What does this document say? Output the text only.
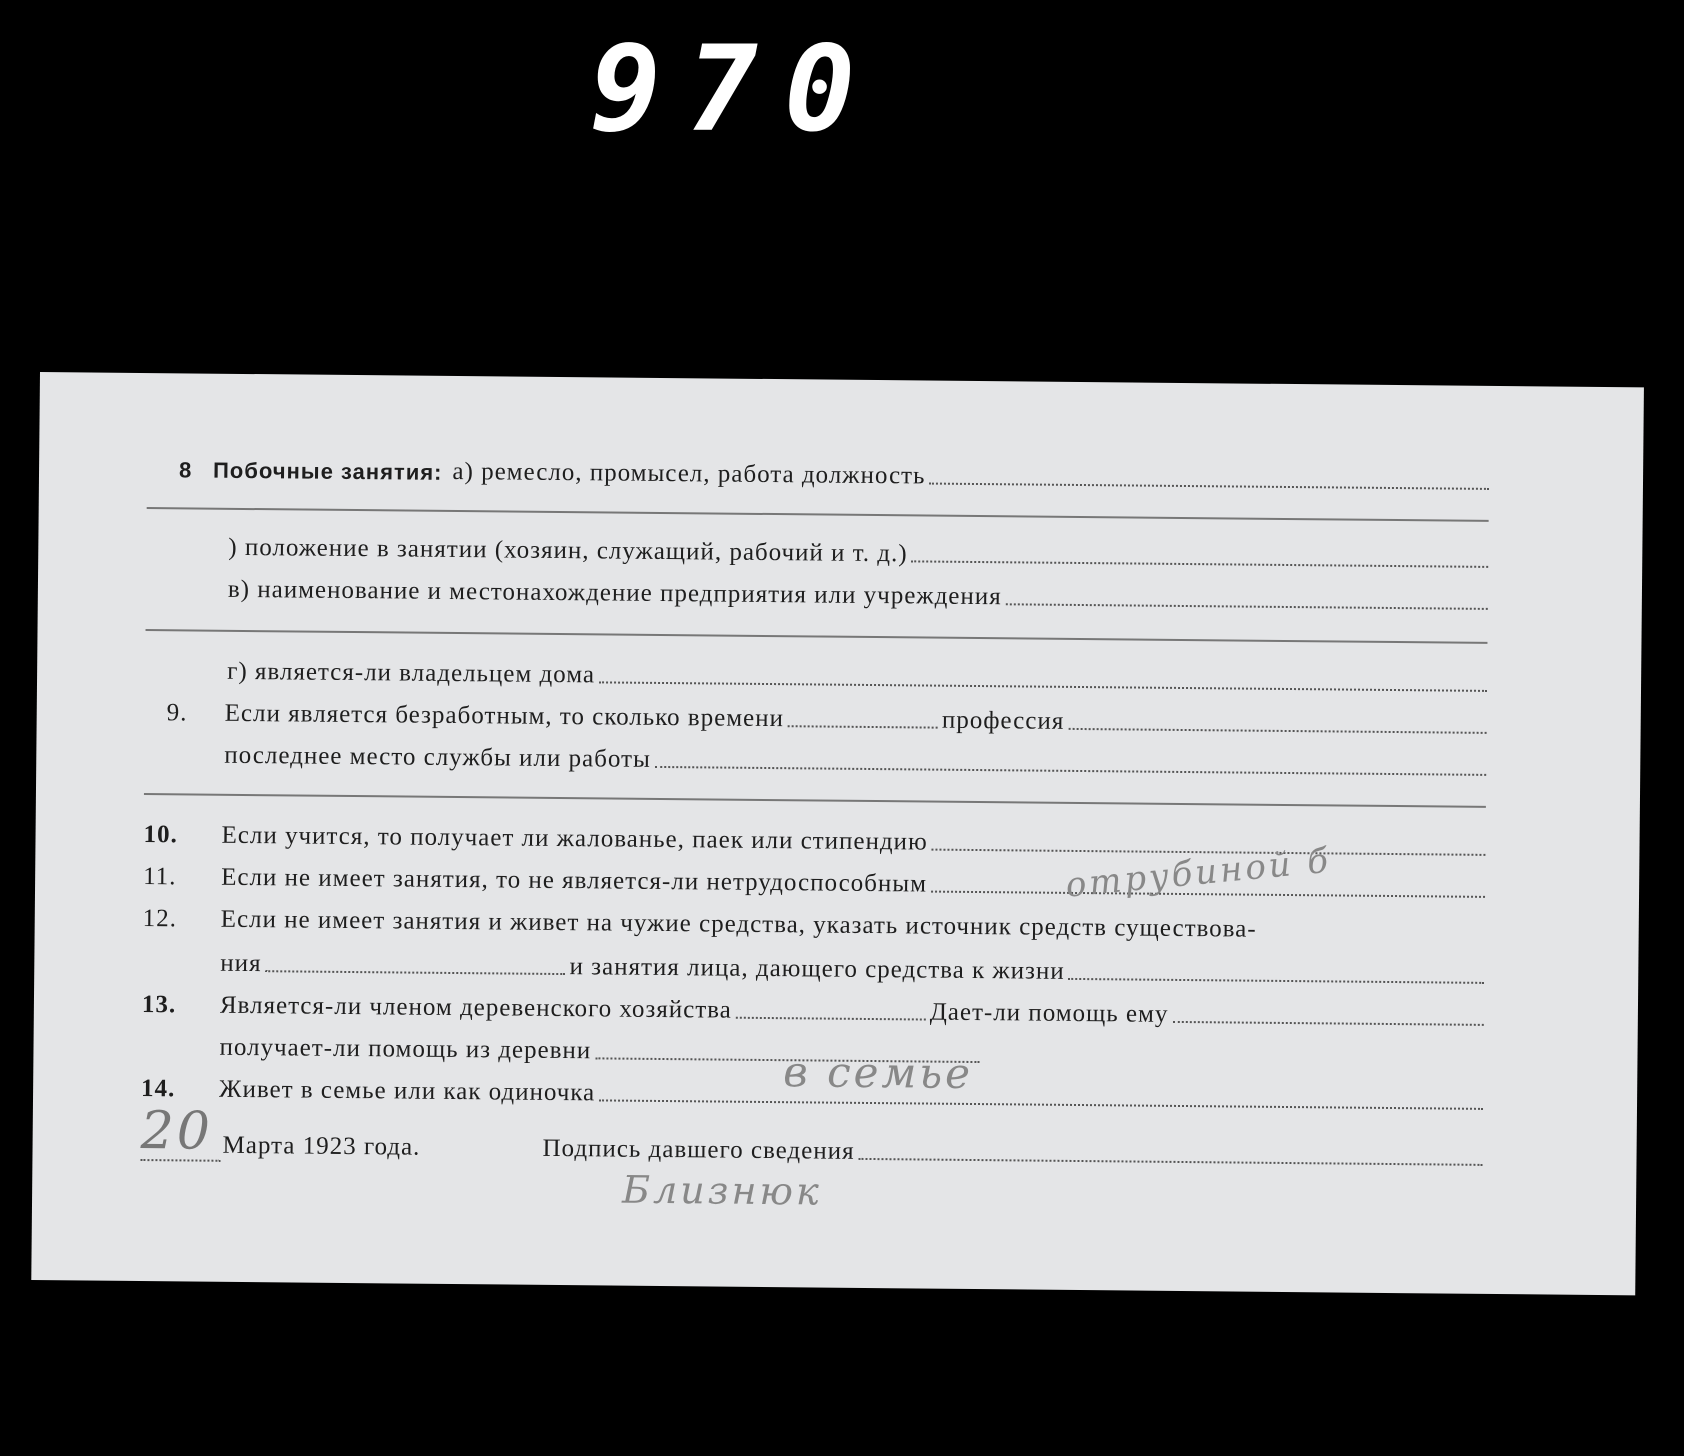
970
8 Побочные занятия: а) ремесло, промысел, работа должность
) положение в занятии (хозяин, служащий, рабочий и т. д.)
в) наименование и местонахождение предприятия или учреждения
г) является-ли владельцем дома
9.	Если является безработным, то сколько времени	профессия
последнее место службы или работы
10.	Если учится, то получает ли жалованье, паек или стипендию
11.	Если не имеет занятия, то не является-ли нетрудоспособным	отрубиной б
12.	Если не имеет занятия и живет на чужие средства, указать источник средств существова-
ния	и занятия лица, дающего средства к жизни
13.	Является-ли членом деревенского хозяйства	Дает-ли помощь ему
получает-ли помощь из деревни
14.	Живет в семье или как одиночка	в семье
20 Марта 1923 года.	Подпись давшего сведения
Близнюк
